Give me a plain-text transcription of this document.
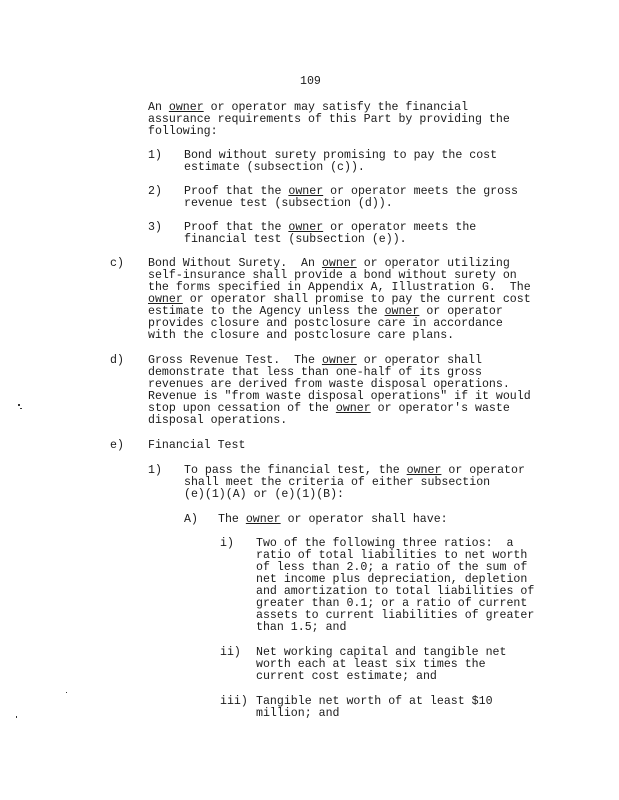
109
An owner or operator may satisfy the financial
assurance requirements of this Part by providing the
following:
1) Bond without surety promising to pay the cost
estimate (subsection (c)).
2) Proof that the owner or operator meets the gross
revenue test (subsection (d)).
3) Proof that the owner or operator meets the
financial test (subsection (e)).
c) Bond Without Surety.  An owner or operator utilizing
self-insurance shall provide a bond without surety on
the forms specified in Appendix A, Illustration G.  The
owner or operator shall promise to pay the current cost
estimate to the Agency unless the owner or operator
provides closure and postclosure care in accordance
with the closure and postclosure care plans.
d) Gross Revenue Test.  The owner or operator shall
demonstrate that less than one-half of its gross
revenues are derived from waste disposal operations.
Revenue is "from waste disposal operations" if it would
stop upon cessation of the owner or operator's waste
disposal operations.
e) Financial Test
1) To pass the financial test, the owner or operator
shall meet the criteria of either subsection
(e)(1)(A) or (e)(1)(B):
A) The owner or operator shall have:
i) Two of the following three ratios:  a
ratio of total liabilities to net worth
of less than 2.0; a ratio of the sum of
net income plus depreciation, depletion
and amortization to total liabilities of
greater than 0.1; or a ratio of current
assets to current liabilities of greater
than 1.5; and
ii) Net working capital and tangible net
worth each at least six times the
current cost estimate; and
iii) Tangible net worth of at least $10
million; and
